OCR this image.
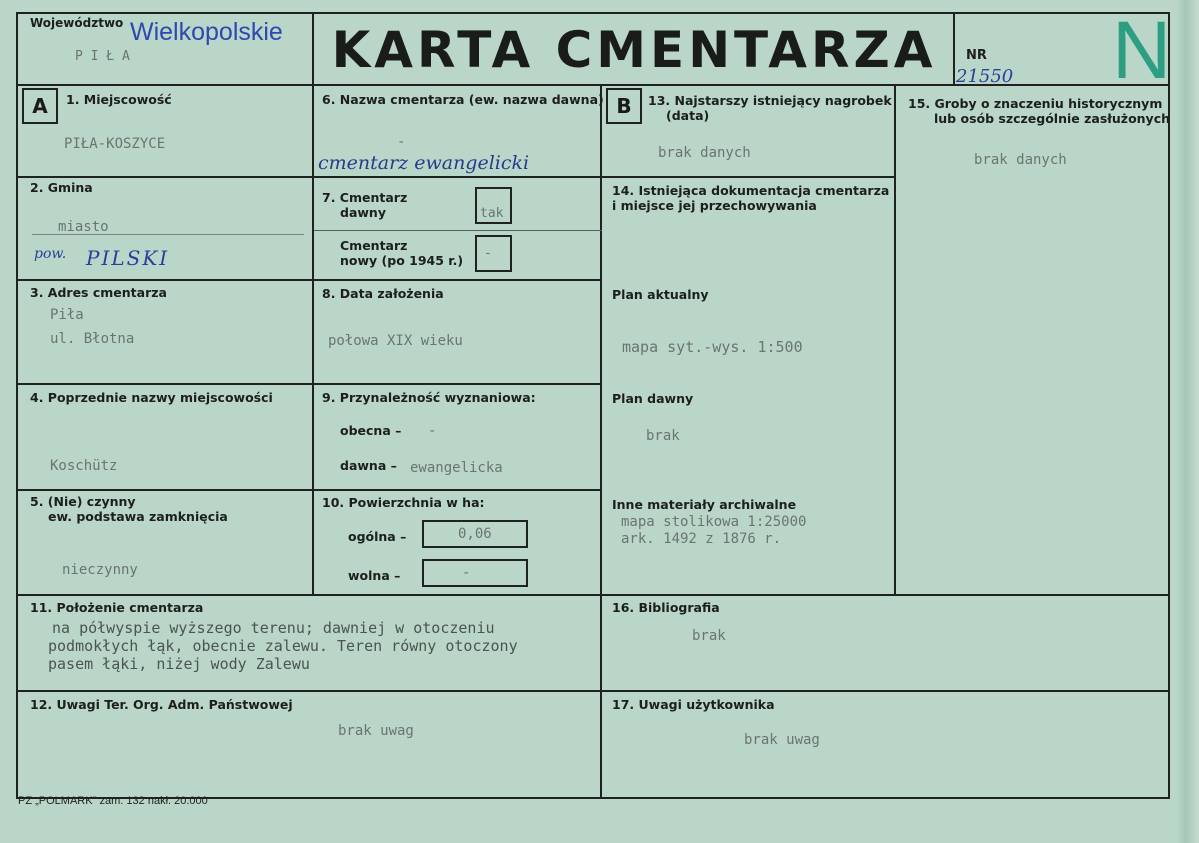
Województwo Wielkopolskie
P I Ł A	KARTA CMENTARZA	NR
21550 N
A	1. Miejscowość
PIŁA-KOSZYCE
2. Gmina
miasto
pow. PILSKI
3. Adres cmentarza
Piła
ul. Błotna
4. Poprzednie nazwy miejscowości
Koschütz
5. (Nie) czynny
ew. podstawa zamknięcia
nieczynny
6. Nazwa cmentarza (ew. nazwa dawna)
-
cmentarz ewangelicki
7. Cmentarz
dawny	tak
Cmentarz
nowy (po 1945 r.) -
8. Data założenia
połowa XIX wieku
9. Przynależność wyznaniowa:
obecna – -
dawna – ewangelicka
10. Powierzchnia w ha:
ogólna –	0,06
wolna –	-
B	13. Najstarszy istniejący nagrobek
(data)
brak danych
14. Istniejąca dokumentacja cmentarza
i miejsce jej przechowywania
Plan aktualny
mapa syt.-wys. 1:500
Plan dawny
brak
Inne materiały archiwalne
mapa stolikowa 1:25000
ark. 1492 z 1876 r.
15. Groby o znaczeniu historycznym
lub osób szczególnie zasłużonych
brak danych
11. Położenie cmentarza
na półwyspie wyższego terenu; dawniej w otoczeniu
podmokłych łąk, obecnie zalewu. Teren równy otoczony
pasem łąki, niżej wody Zalewu
16. Bibliografia
brak
12. Uwagi Ter. Org. Adm. Państwowej
brak uwag
17. Uwagi użytkownika
brak uwag
PZ „POLMARK" zam. 132 nakł. 20.000
